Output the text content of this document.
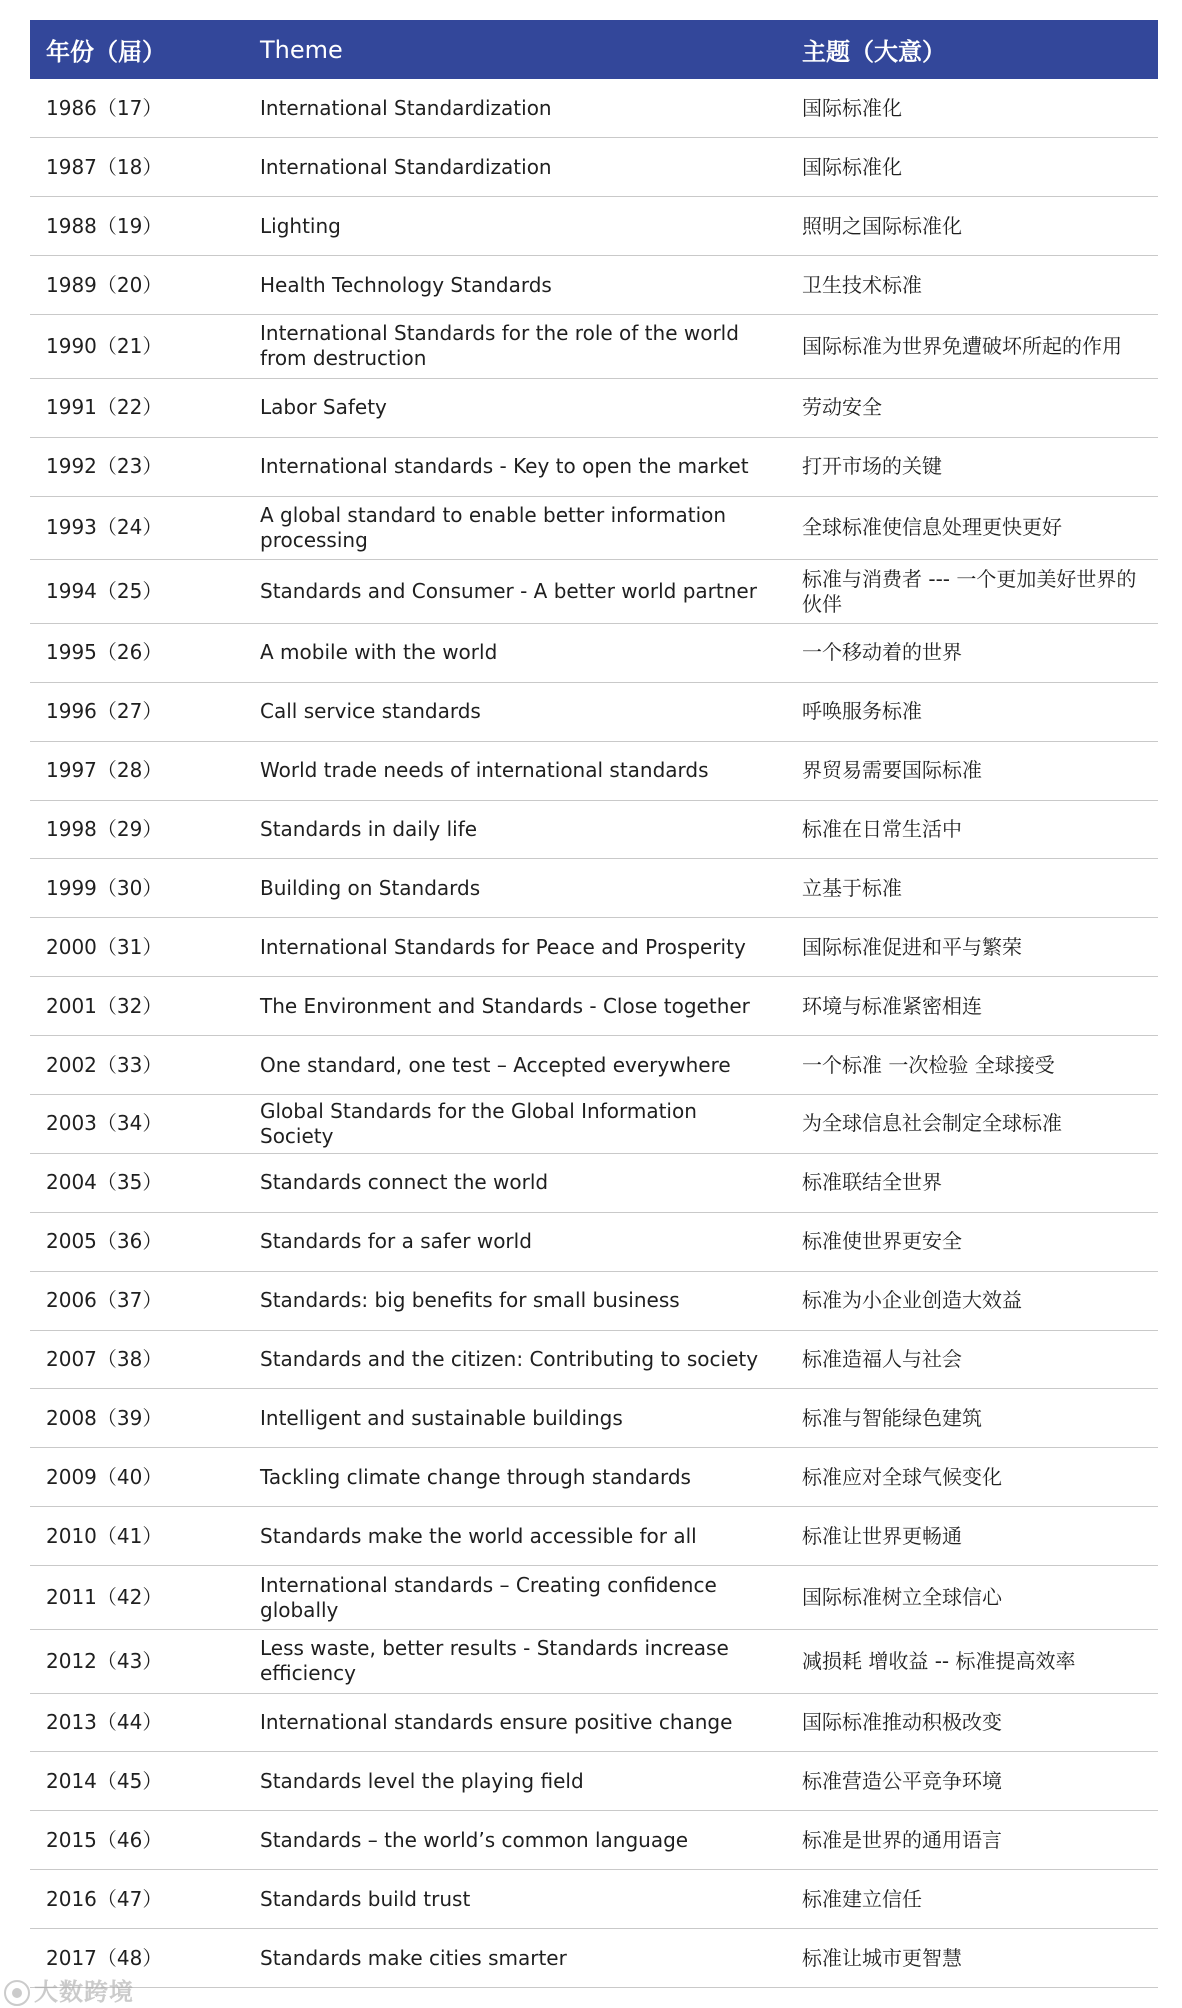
年份（届）	Theme	主题（大意）
1986（17）	International Standardization	国际标准化
1987（18）	International Standardization	国际标准化
1988（19）	Lighting	照明之国际标准化
1989（20）	Health Technology Standards	卫生技术标准
1990（21）	International Standards for the role of the world from destruction	国际标准为世界免遭破坏所起的作用
1991（22）	Labor Safety	劳动安全
1992（23）	International standards - Key to open the market	打开市场的关键
1993（24）	A global standard to enable better information processing	全球标准使信息处理更快更好
1994（25）	Standards and Consumer - A better world partner	标准与消费者 --- 一个更加美好世界的伙伴
1995（26）	A mobile with the world	一个移动着的世界
1996（27）	Call service standards	呼唤服务标准
1997（28）	World trade needs of international standards	界贸易需要国际标准
1998（29）	Standards in daily life	标准在日常生活中
1999（30）	Building on Standards	立基于标准
2000（31）	International Standards for Peace and Prosperity	国际标准促进和平与繁荣
2001（32）	The Environment and Standards - Close together	环境与标准紧密相连
2002（33）	One standard, one test – Accepted everywhere	一个标准 一次检验 全球接受
2003（34）	Global Standards for the Global Information Society	为全球信息社会制定全球标准
2004（35）	Standards connect the world	标准联结全世界
2005（36）	Standards for a safer world	标准使世界更安全
2006（37）	Standards: big benefits for small business	标准为小企业创造大效益
2007（38）	Standards and the citizen: Contributing to society	标准造福人与社会
2008（39）	Intelligent and sustainable buildings	标准与智能绿色建筑
2009（40）	Tackling climate change through standards	标准应对全球气候变化
2010（41）	Standards make the world accessible for all	标准让世界更畅通
2011（42）	International standards – Creating confidence globally	国际标准树立全球信心
2012（43）	Less waste, better results - Standards increase efficiency	减损耗 增收益 -- 标准提高效率
2013（44）	International standards ensure positive change	国际标准推动积极改变
2014（45）	Standards level the playing field	标准营造公平竞争环境
2015（46）	Standards – the world’s common language	标准是世界的通用语言
2016（47）	Standards build trust	标准建立信任
2017（48）	Standards make cities smarter	标准让城市更智慧
大数跨境
